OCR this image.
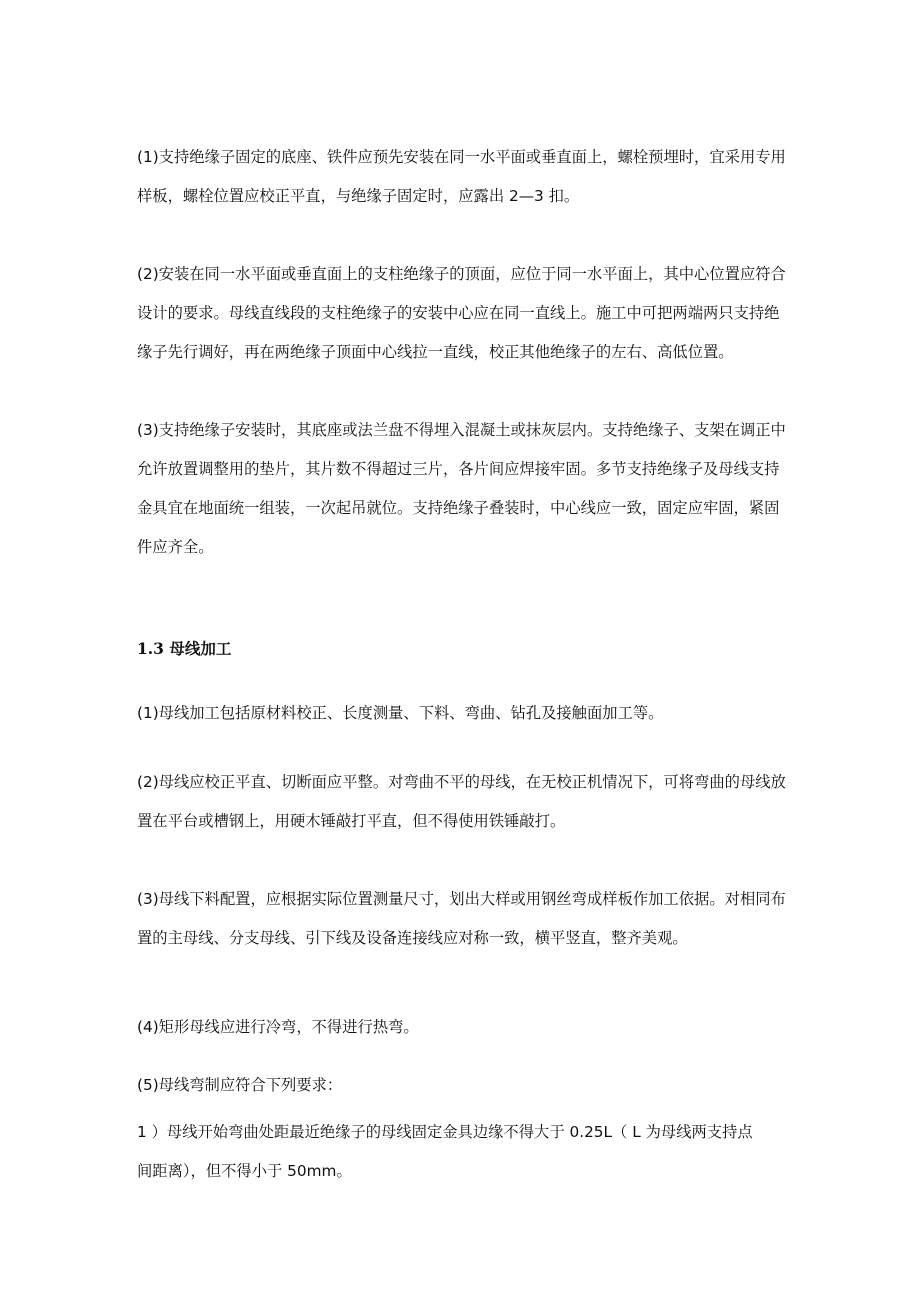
(1)支持绝缘子固定的底座、铁件应预先安装在同一水平面或垂直面上，螺栓预埋时，宜采用专用
样板，螺栓位置应校正平直，与绝缘子固定时，应露出 2—3 扣。
(2)安装在同一水平面或垂直面上的支柱绝缘子的顶面，应位于同一水平面上，其中心位置应符合
设计的要求。母线直线段的支柱绝缘子的安装中心应在同一直线上。施工中可把两端两只支持绝
缘子先行调好，再在两绝缘子顶面中心线拉一直线，校正其他绝缘子的左右、高低位置。
(3)支持绝缘子安装时，其底座或法兰盘不得埋入混凝土或抹灰层内。支持绝缘子、支架在调正中
允许放置调整用的垫片，其片数不得超过三片，各片间应焊接牢固。多节支持绝缘子及母线支持
金具宜在地面统一组装，一次起吊就位。支持绝缘子叠装时，中心线应一致，固定应牢固，紧固
件应齐全。
1.3 母线加工
(1)母线加工包括原材料校正、长度测量、下料、弯曲、钻孔及接触面加工等。
(2)母线应校正平直、切断面应平整。对弯曲不平的母线，在无校正机情况下，可将弯曲的母线放
置在平台或槽钢上，用硬木锤敲打平直，但不得使用铁锤敲打。
(3)母线下料配置，应根据实际位置测量尺寸，划出大样或用钢丝弯成样板作加工依据。对相同布
置的主母线、分支母线、引下线及设备连接线应对称一致，横平竖直，整齐美观。
(4)矩形母线应进行冷弯，不得进行热弯。
(5)母线弯制应符合下列要求：
1 ）母线开始弯曲处距最近绝缘子的母线固定金具边缘不得大于 0.25L（ L 为母线两支持点
间距离），但不得小于 50mm。
